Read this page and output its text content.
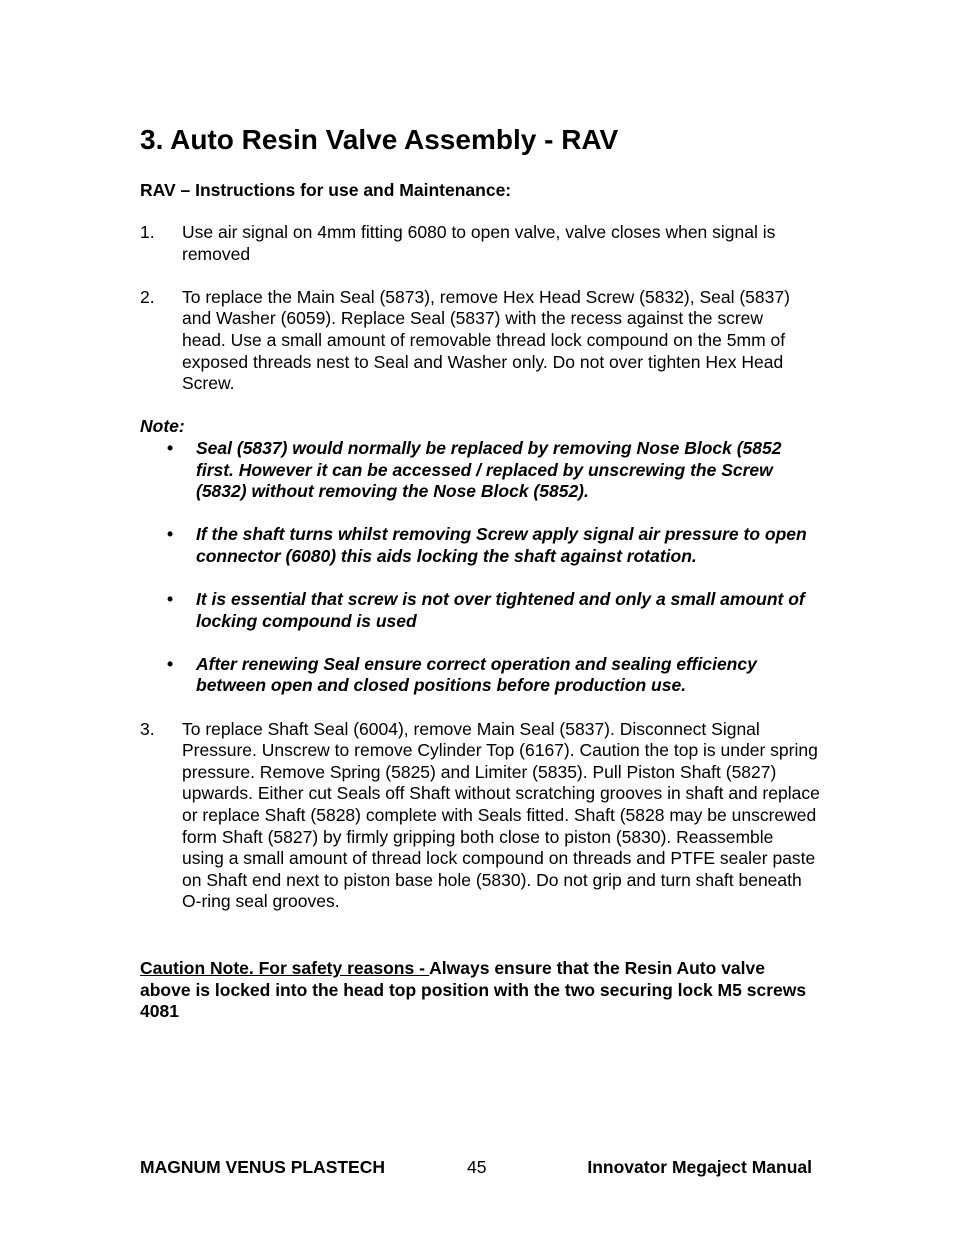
3. Auto Resin Valve Assembly - RAV
RAV – Instructions for use and Maintenance:
1.	Use air signal on 4mm fitting 6080 to open valve, valve closes when signal is removed
2.	To replace the Main Seal (5873), remove Hex Head Screw (5832), Seal (5837) and Washer (6059). Replace Seal (5837) with the recess against the screw head. Use a small amount of removable thread lock compound on the 5mm of exposed threads nest to Seal and Washer only. Do not over tighten Hex Head Screw.
Note:
•	Seal (5837) would normally be replaced by removing Nose Block (5852 first. However it can be accessed / replaced by unscrewing the Screw (5832) without removing the Nose Block (5852).
•	If the shaft turns whilst removing Screw apply signal air pressure to open connector (6080) this aids locking the shaft against rotation.
•	It is essential that screw is not over tightened and only a small amount of locking compound is used
•	After renewing Seal ensure correct operation and sealing efficiency between open and closed positions before production use.
3.	To replace Shaft Seal (6004), remove Main Seal (5837). Disconnect Signal Pressure. Unscrew to remove Cylinder Top (6167). Caution the top is under spring pressure. Remove Spring (5825) and Limiter (5835). Pull Piston Shaft (5827) upwards. Either cut Seals off Shaft without scratching grooves in shaft and replace or replace Shaft (5828) complete with Seals fitted. Shaft (5828 may be unscrewed form Shaft (5827) by firmly gripping both close to piston (5830). Reassemble using a small amount of thread lock compound on threads and PTFE sealer paste on Shaft end next to piston base hole (5830). Do not grip and turn shaft beneath O-ring seal grooves.
Caution Note. For safety reasons - Always ensure that the Resin Auto valve above is locked into the head top position with the two securing lock M5 screws 4081
MAGNUM VENUS PLASTECH	45	Innovator Megaject Manual
